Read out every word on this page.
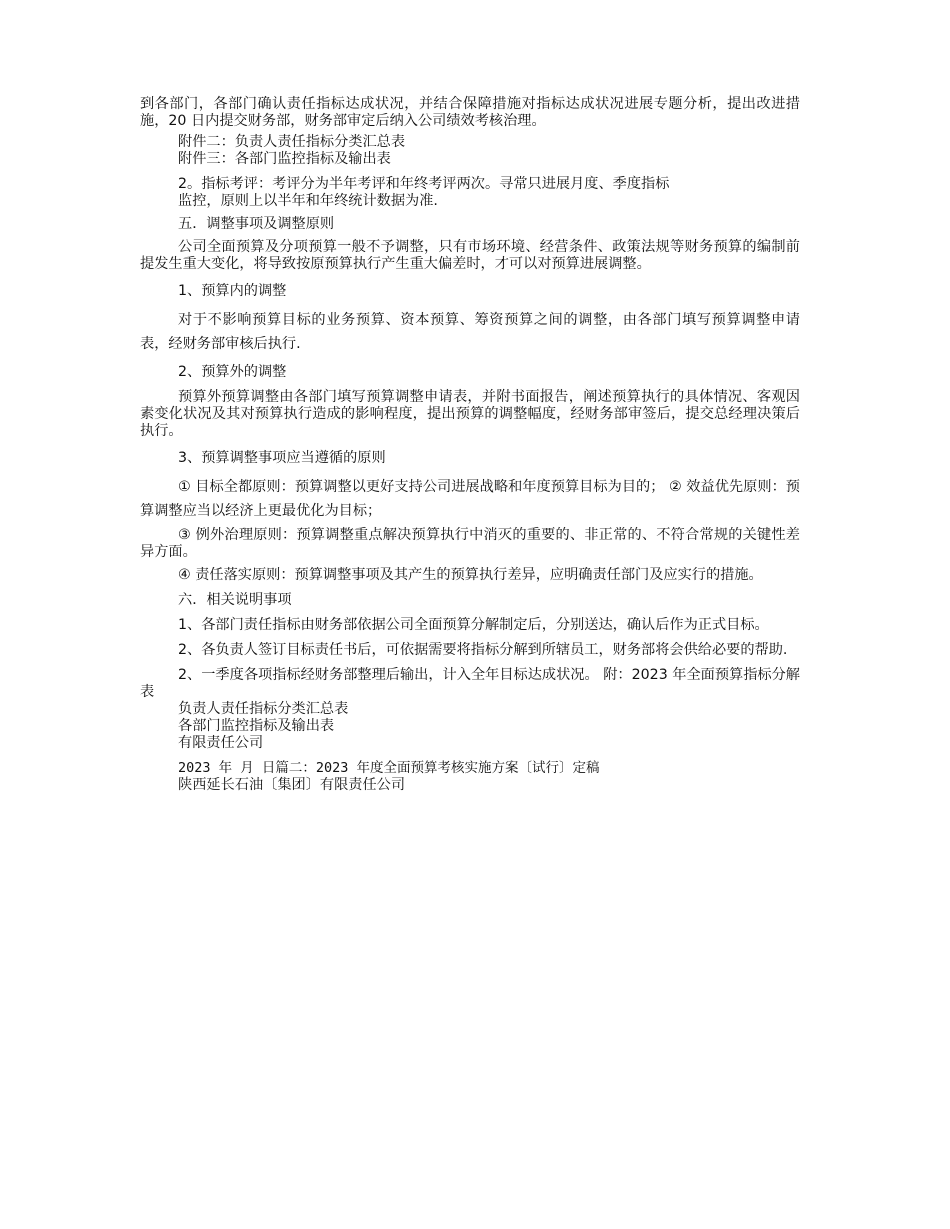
到各部门，各部门确认责任指标达成状况，并结合保障措施对指标达成状况进展专题分析，提出改进措施，20 日内提交财务部，财务部审定后纳入公司绩效考核治理。

附件二：负责人责任指标分类汇总表

附件三：各部门监控指标及输出表

2。指标考评：考评分为半年考评和年终考评两次。寻常只进展月度、季度指标

监控，原则上以半年和年终统计数据为准.

五．调整事项及调整原则

公司全面预算及分项预算一般不予调整，只有市场环境、经营条件、政策法规等财务预算的编制前提发生重大变化，将导致按原预算执行产生重大偏差时，才可以对预算进展调整。

1、预算内的调整

对于不影响预算目标的业务预算、资本预算、筹资预算之间的调整，由各部门填写预算调整申请表，经财务部审核后执行.

2、预算外的调整

预算外预算调整由各部门填写预算调整申请表，并附书面报告，阐述预算执行的具体情况、客观因素变化状况及其对预算执行造成的影响程度，提出预算的调整幅度，经财务部审签后，提交总经理决策后执行。

3、预算调整事项应当遵循的原则

① 目标全都原则：预算调整以更好支持公司进展战略和年度预算目标为目的； ② 效益优先原则：预算调整应当以经济上更最优化为目标；

③ 例外治理原则：预算调整重点解决预算执行中消灭的重要的、非正常的、不符合常规的关键性差异方面。

④ 责任落实原则：预算调整事项及其产生的预算执行差异，应明确责任部门及应实行的措施。

六．相关说明事项

1、各部门责任指标由财务部依据公司全面预算分解制定后，分别送达，确认后作为正式目标。

2、各负责人签订目标责任书后，可依据需要将指标分解到所辖员工，财务部将会供给必要的帮助.

2、一季度各项指标经财务部整理后输出，计入全年目标达成状况。 附：2023 年全面预算指标分解表

负责人责任指标分类汇总表

各部门监控指标及输出表

有限责任公司

2023 年 月 日篇二：2023 年度全面预算考核实施方案〔试行〕定稿

陕西延长石油〔集团〕有限责任公司
